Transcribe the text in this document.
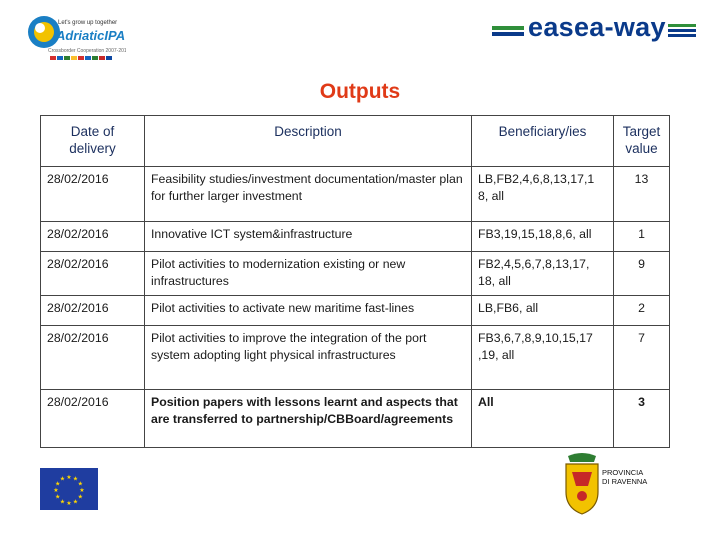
Let's grow up together
AdriaticIPA
Crossborder Cooperation 2007-2013
easea-way
Outputs
Date of delivery	Description	Beneficiary/ies	Target value
28/02/2016	Feasibility studies/investment documentation/master plan for further larger investment	LB,FB2,4,6,8,13,17,1 8, all	13
28/02/2016	Innovative ICT system&infrastructure	FB3,19,15,18,8,6, all	1
28/02/2016	Pilot activities to modernization existing or new infrastructures	FB2,4,5,6,7,8,13,17, 18, all	9
28/02/2016	Pilot activities to activate new maritime fast-lines	LB,FB6, all	2
28/02/2016	Pilot activities to improve the integration of the port system adopting light physical infrastructures	FB3,6,7,8,9,10,15,17 ,19, all	7
28/02/2016	Position papers with lessons learnt and aspects that are transferred to partnership/CBBoard/agreements	All	3
★
★
★
★
★
★
★
★
★ ★ ★
★
PROVINCIA
DI RAVENNA
